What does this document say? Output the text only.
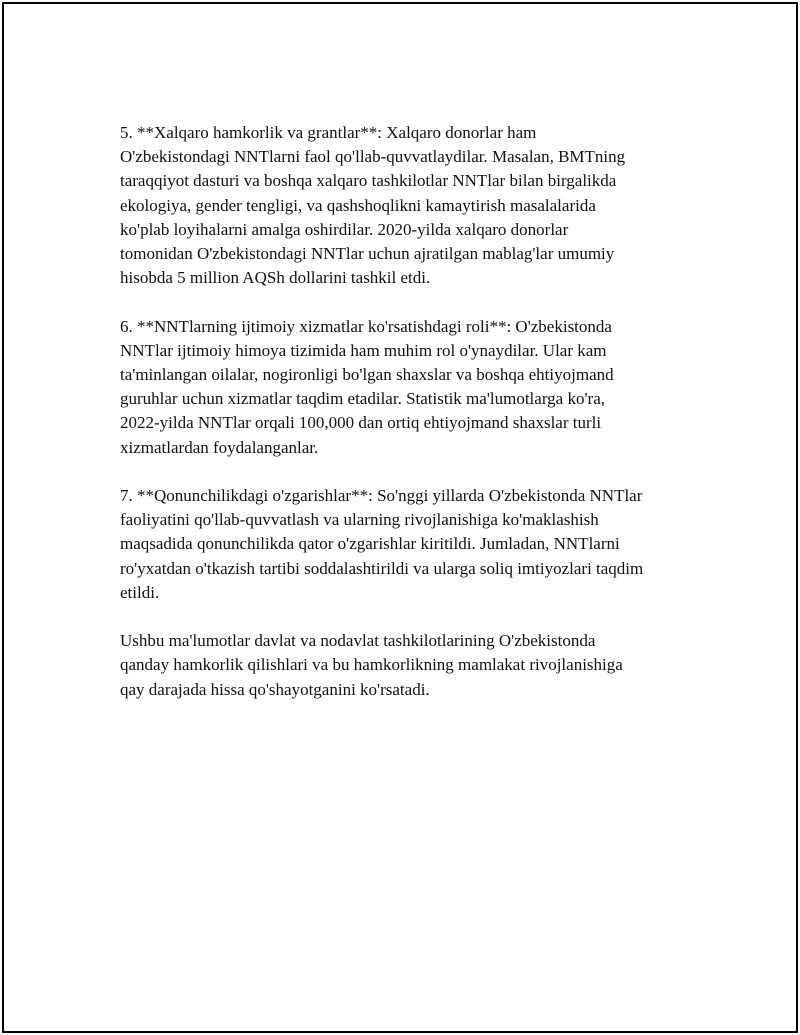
5. **Xalqaro hamkorlik va grantlar**: Xalqaro donorlar ham
O'zbekistondagi NNTlarni faol qo'llab-quvvatlaydilar. Masalan, BMTning
taraqqiyot dasturi va boshqa xalqaro tashkilotlar NNTlar bilan birgalikda
ekologiya, gender tengligi, va qashshoqlikni kamaytirish masalalarida
ko'plab loyihalarni amalga oshirdilar. 2020-yilda xalqaro donorlar
tomonidan O'zbekistondagi NNTlar uchun ajratilgan mablag'lar umumiy
hisobda 5 million AQSh dollarini tashkil etdi.

6. **NNTlarning ijtimoiy xizmatlar ko'rsatishdagi roli**: O'zbekistonda
NNTlar ijtimoiy himoya tizimida ham muhim rol o'ynaydilar. Ular kam
ta'minlangan oilalar, nogironligi bo'lgan shaxslar va boshqa ehtiyojmand
guruhlar uchun xizmatlar taqdim etadilar. Statistik ma'lumotlarga ko'ra,
2022-yilda NNTlar orqali 100,000 dan ortiq ehtiyojmand shaxslar turli
xizmatlardan foydalanganlar.

7. **Qonunchilikdagi o'zgarishlar**: So'nggi yillarda O'zbekistonda NNTlar
faoliyatini qo'llab-quvvatlash va ularning rivojlanishiga ko'maklashish
maqsadida qonunchilikda qator o'zgarishlar kiritildi. Jumladan, NNTlarni
ro'yxatdan o'tkazish tartibi soddalashtirildi va ularga soliq imtiyozlari taqdim
etildi.

Ushbu ma'lumotlar davlat va nodavlat tashkilotlarining O'zbekistonda
qanday hamkorlik qilishlari va bu hamkorlikning mamlakat rivojlanishiga
qay darajada hissa qo'shayotganini ko'rsatadi.
